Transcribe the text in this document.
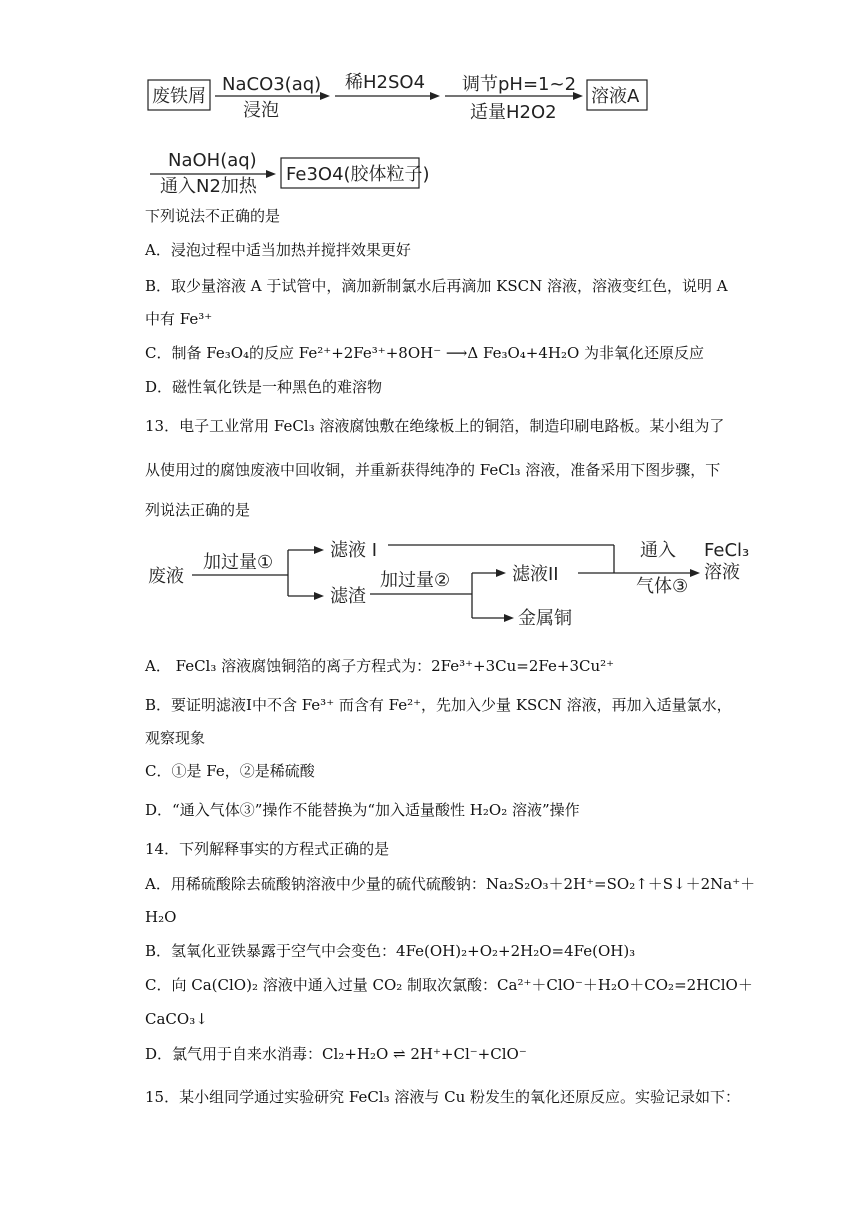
废铁屑
NaCO3(aq)
浸泡
稀H2SO4 调节pH=1~2
适量H2O2
溶液A
NaOH(aq)
通入N2加热
Fe3O4(胶体粒子)
下列说法不正确的是
A．浸泡过程中适当加热并搅拌效果更好
B．取少量溶液 A 于试管中，滴加新制氯水后再滴加 KSCN 溶液，溶液变红色，说明 A
中有 Fe³⁺
C．制备 Fe₃O₄的反应 Fe²⁺+2Fe³⁺+8OH⁻ ⟶Δ Fe₃O₄+4H₂O 为非氧化还原反应
D．磁性氧化铁是一种黑色的难溶物
13．电子工业常用 FeCl₃ 溶液腐蚀敷在绝缘板上的铜箔，制造印刷电路板。某小组为了
从使用过的腐蚀废液中回收铜，并重新获得纯净的 FeCl₃ 溶液，准备采用下图步骤，下
列说法正确的是
废液
加过量①
滤液 I
滤渣
加过量②	滤液II
金属铜
通入
气体③
FeCl₃
溶液
A． FeCl₃ 溶液腐蚀铜箔的离子方程式为：2Fe³⁺+3Cu=2Fe+3Cu²⁺
B．要证明滤液I中不含 Fe³⁺ 而含有 Fe²⁺，先加入少量 KSCN 溶液，再加入适量氯水，
观察现象
C．①是 Fe，②是稀硫酸
D．“通入气体③”操作不能替换为“加入适量酸性 H₂O₂ 溶液”操作
14．下列解释事实的方程式正确的是
A．用稀硫酸除去硫酸钠溶液中少量的硫代硫酸钠：Na₂S₂O₃＋2H⁺=SO₂↑＋S↓＋2Na⁺＋
H₂O
B．氢氧化亚铁暴露于空气中会变色：4Fe(OH)₂+O₂+2H₂O=4Fe(OH)₃
C．向 Ca(ClO)₂ 溶液中通入过量 CO₂ 制取次氯酸：Ca²⁺＋ClO⁻＋H₂O＋CO₂=2HClO＋
CaCO₃↓
D．氯气用于自来水消毒：Cl₂+H₂O ⇌ 2H⁺+Cl⁻+ClO⁻
15．某小组同学通过实验研究 FeCl₃ 溶液与 Cu 粉发生的氧化还原反应。实验记录如下：
